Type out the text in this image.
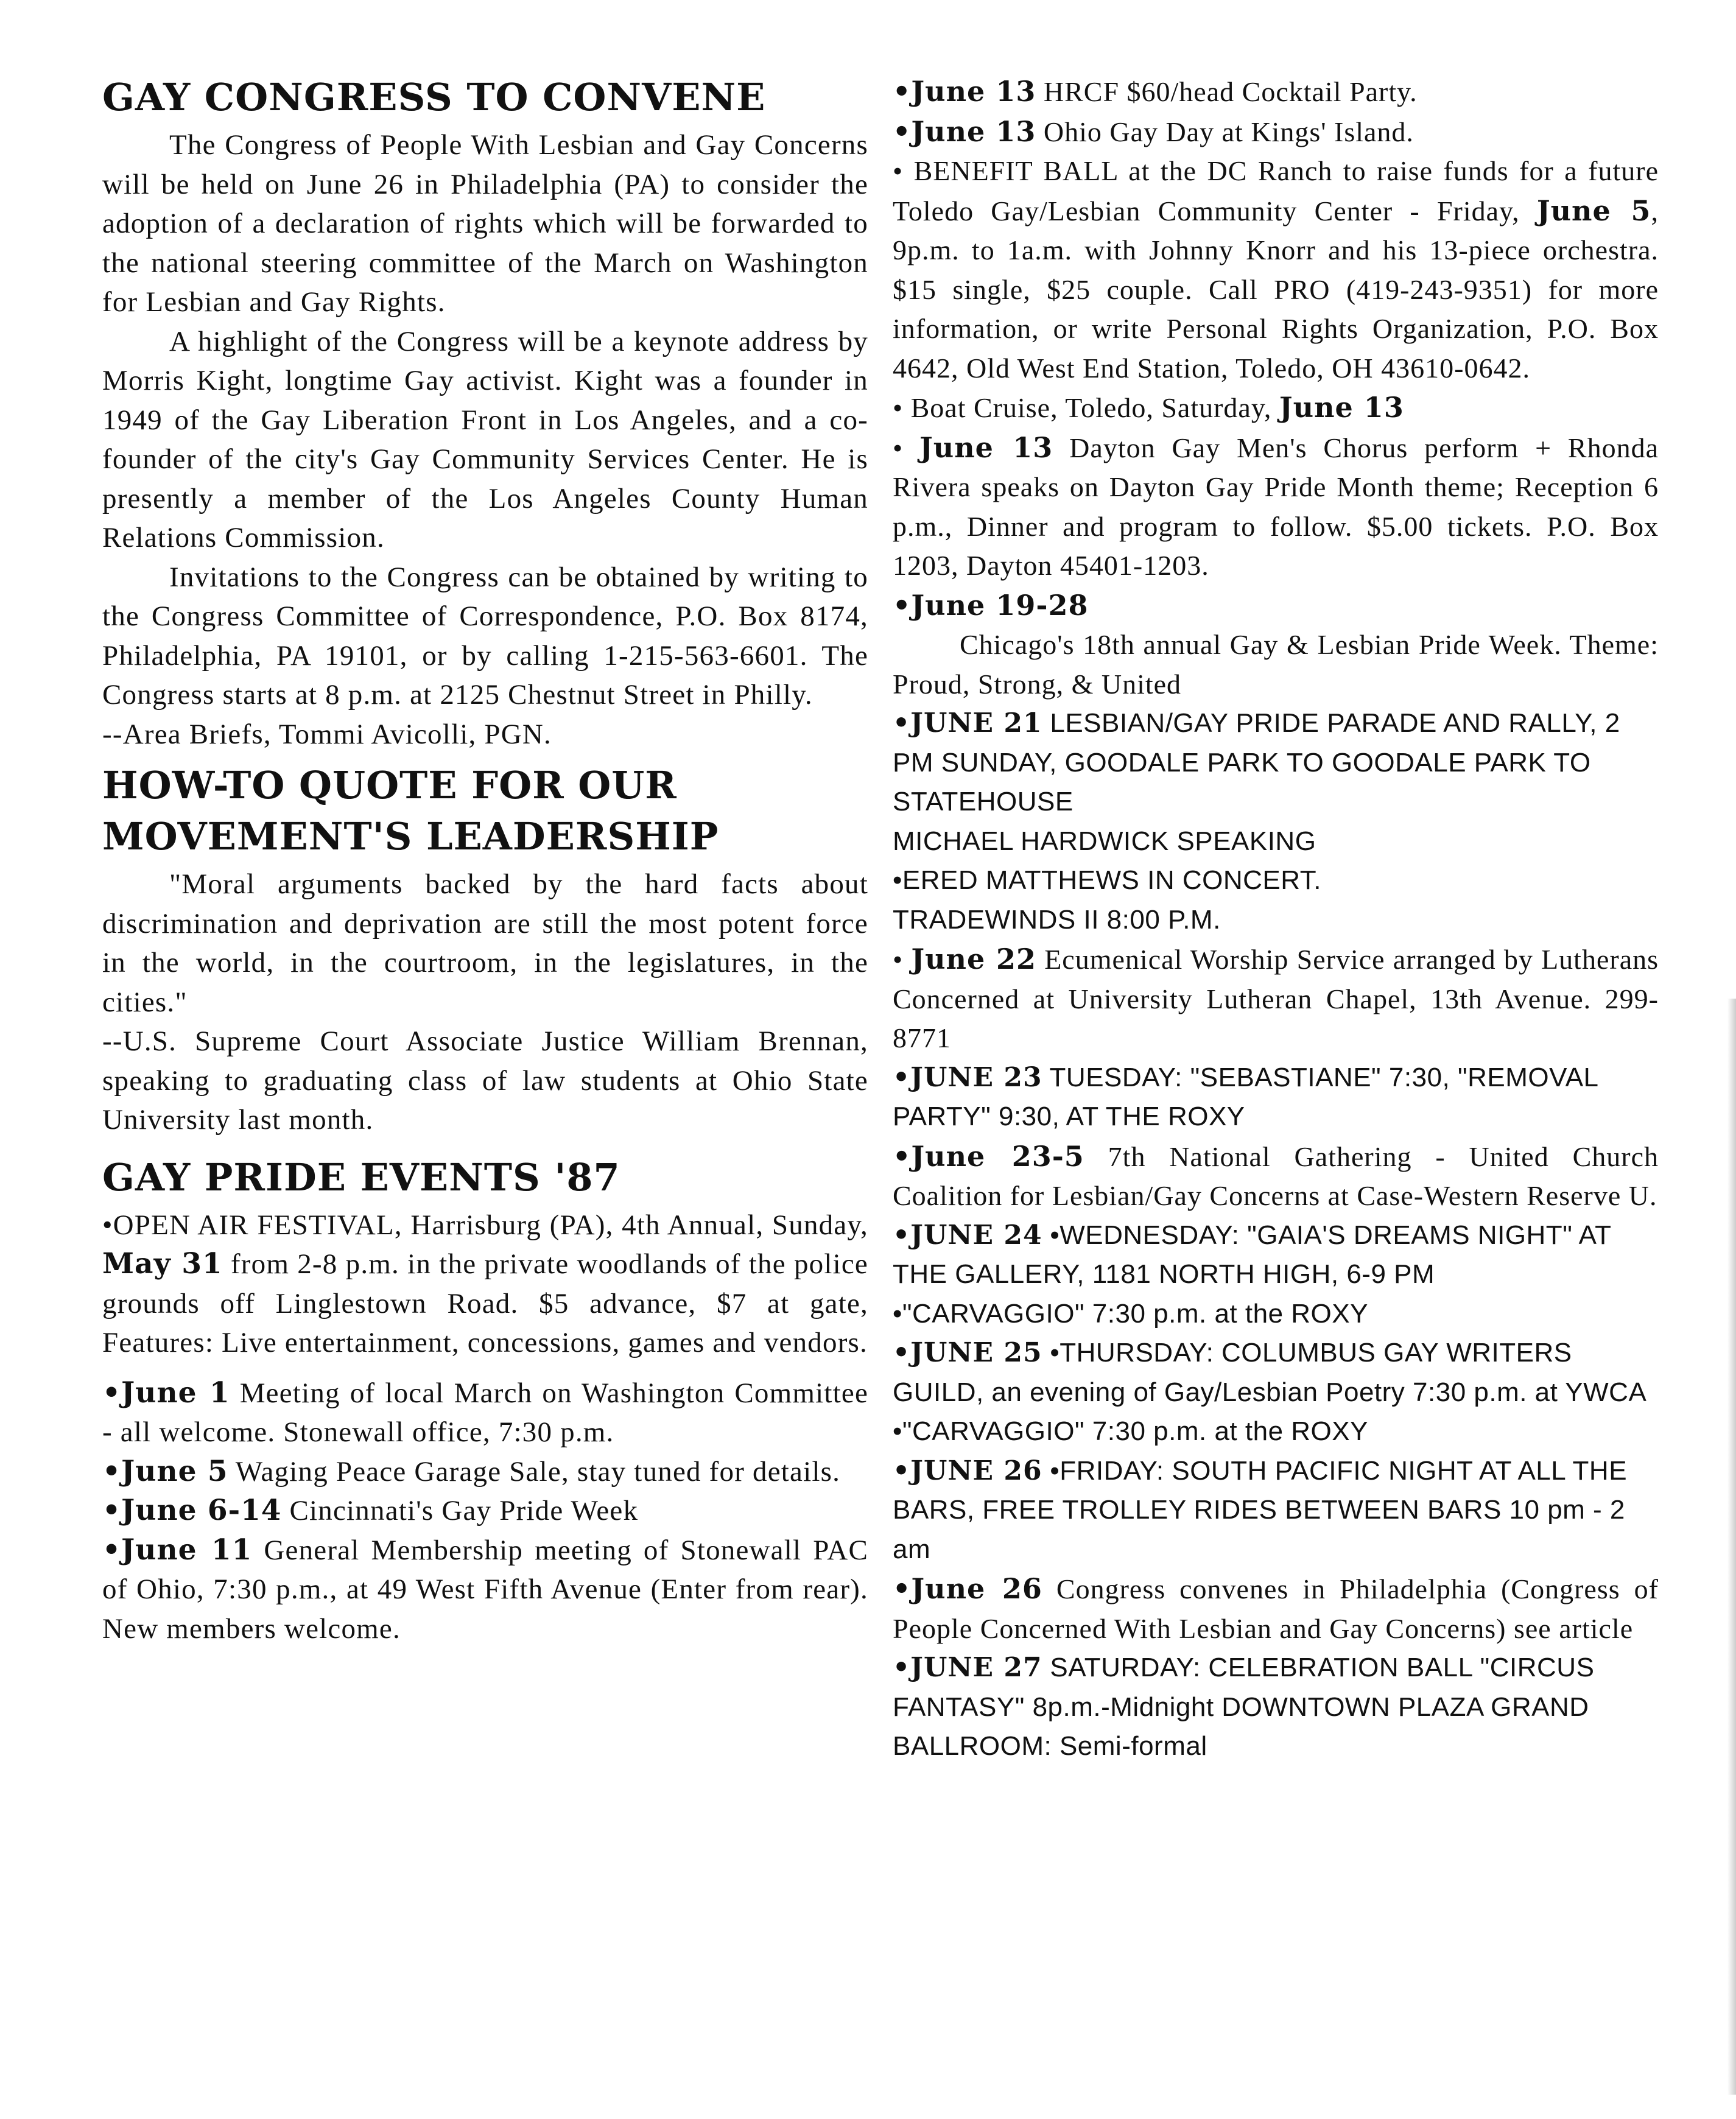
GAY CONGRESS TO CONVENE

The Congress of People With Lesbian and Gay Concerns will be held on June 26 in Philadelphia (PA) to consider the adoption of a declaration of rights which will be forwarded to the national steering committee of the March on Washington for Lesbian and Gay Rights.

A highlight of the Congress will be a keynote address by Morris Kight, longtime Gay activist. Kight was a founder in 1949 of the Gay Liberation Front in Los Angeles, and a co-founder of the city's Gay Community Services Center. He is presently a member of the Los Angeles County Human Relations Commission.

Invitations to the Congress can be obtained by writing to the Congress Committee of Correspondence, P.O. Box 8174, Philadelphia, PA 19101, or by calling 1-215-563-6601. The Congress starts at 8 p.m. at 2125 Chestnut Street in Philly.

--Area Briefs, Tommi Avicolli, PGN.

HOW-TO QUOTE FOR OUR MOVEMENT'S LEADERSHIP

"Moral arguments backed by the hard facts about discrimination and deprivation are still the most potent force in the world, in the courtroom, in the legislatures, in the cities."

--U.S. Supreme Court Associate Justice William Brennan, speaking to graduating class of law students at Ohio State University last month.

GAY PRIDE EVENTS '87

•OPEN AIR FESTIVAL, Harrisburg (PA), 4th Annual, Sunday, May 31 from 2-8 p.m. in the private woodlands of the police grounds off Linglestown Road. $5 advance, $7 at gate, Features: Live entertainment, concessions, games and vendors.

•June 1 Meeting of local March on Washington Committee - all welcome. Stonewall office, 7:30 p.m.

•June 5 Waging Peace Garage Sale, stay tuned for details.

•June 6-14 Cincinnati's Gay Pride Week

•June 11 General Membership meeting of Stonewall PAC of Ohio, 7:30 p.m., at 49 West Fifth Avenue (Enter from rear). New members welcome.

•June 13 HRCF $60/head Cocktail Party.

•June 13 Ohio Gay Day at Kings' Island.

• BENEFIT BALL at the DC Ranch to raise funds for a future Toledo Gay/Lesbian Community Center - Friday, June 5, 9p.m. to 1a.m. with Johnny Knorr and his 13-piece orchestra. $15 single, $25 couple. Call PRO (419-243-9351) for more information, or write Personal Rights Organization, P.O. Box 4642, Old West End Station, Toledo, OH 43610-0642.

• Boat Cruise, Toledo, Saturday, June 13

• June 13 Dayton Gay Men's Chorus perform + Rhonda Rivera speaks on Dayton Gay Pride Month theme; Reception 6 p.m., Dinner and program to follow. $5.00 tickets. P.O. Box 1203, Dayton 45401-1203.

•June 19-28

Chicago's 18th annual Gay & Lesbian Pride Week. Theme: Proud, Strong, & United

•JUNE 21 LESBIAN/GAY PRIDE PARADE AND RALLY, 2 PM SUNDAY, GOODALE PARK TO GOODALE PARK TO STATEHOUSE

MICHAEL HARDWICK SPEAKING

•ERED MATTHEWS IN CONCERT.

TRADEWINDS II 8:00 P.M.

• June 22 Ecumenical Worship Service arranged by Lutherans Concerned at University Lutheran Chapel, 13th Avenue. 299-8771

•JUNE 23 TUESDAY: "SEBASTIANE" 7:30, "REMOVAL PARTY" 9:30, AT THE ROXY

•June 23-5 7th National Gathering - United Church Coalition for Lesbian/Gay Concerns at Case-Western Reserve U.

•JUNE 24 •WEDNESDAY: "GAIA'S DREAMS NIGHT" AT THE GALLERY, 1181 NORTH HIGH, 6-9 PM

•"CARVAGGIO" 7:30 p.m. at the ROXY

•JUNE 25 •THURSDAY: COLUMBUS GAY WRITERS GUILD, an evening of Gay/Lesbian Poetry 7:30 p.m. at YWCA

•"CARVAGGIO" 7:30 p.m. at the ROXY

•JUNE 26 •FRIDAY: SOUTH PACIFIC NIGHT AT ALL THE BARS, FREE TROLLEY RIDES BETWEEN BARS 10 pm - 2 am

•June 26 Congress convenes in Philadelphia (Congress of People Concerned With Lesbian and Gay Concerns) see article

•JUNE 27 SATURDAY: CELEBRATION BALL "CIRCUS FANTASY" 8p.m.-Midnight DOWNTOWN PLAZA GRAND BALLROOM: Semi-formal
